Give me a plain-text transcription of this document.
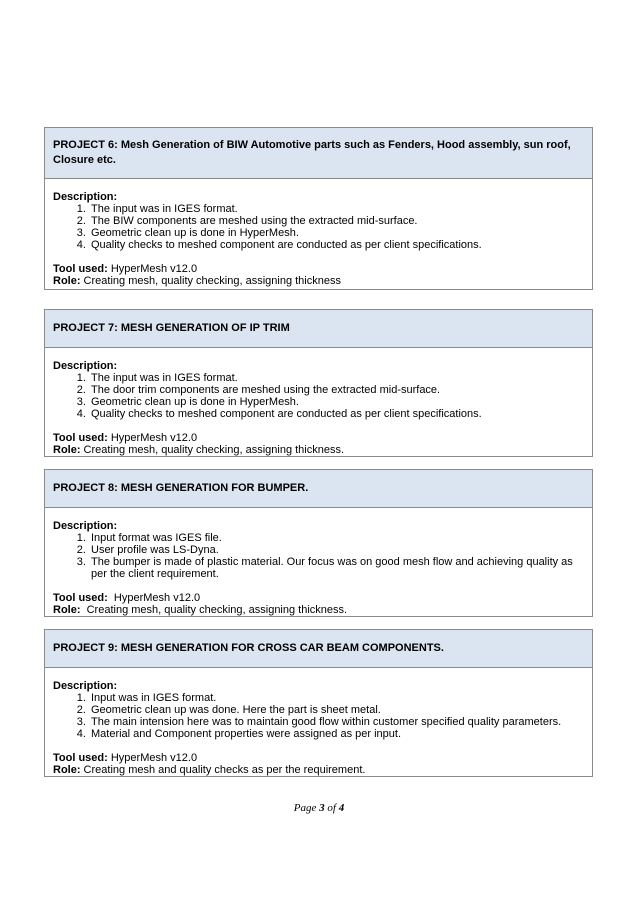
PROJECT 6: Mesh Generation of BIW Automotive parts such as Fenders, Hood assembly, sun roof, Closure etc.

Description:

1. The input was in IGES format.
2. The BIW components are meshed using the extracted mid-surface.
3. Geometric clean up is done in HyperMesh.
4. Quality checks to meshed component are conducted as per client specifications.

Tool used: HyperMesh v12.0

Role: Creating mesh, quality checking, assigning thickness

PROJECT 7: MESH GENERATION OF IP TRIM

Description:

1. The input was in IGES format.
2. The door trim components are meshed using the extracted mid-surface.
3. Geometric clean up is done in HyperMesh.
4. Quality checks to meshed component are conducted as per client specifications.

Tool used: HyperMesh v12.0

Role: Creating mesh, quality checking, assigning thickness.

PROJECT 8: MESH GENERATION FOR BUMPER.

Description:

1. Input format was IGES file.
2. User profile was LS-Dyna.
3. The bumper is made of plastic material. Our focus was on good mesh flow and achieving quality as per the client requirement.

Tool used:  HyperMesh v12.0

Role:  Creating mesh, quality checking, assigning thickness.

PROJECT 9: MESH GENERATION FOR CROSS CAR BEAM COMPONENTS.

Description:

1. Input was in IGES format.
2. Geometric clean up was done. Here the part is sheet metal.
3. The main intension here was to maintain good flow within customer specified quality parameters.
4. Material and Component properties were assigned as per input.

Tool used: HyperMesh v12.0

Role: Creating mesh and quality checks as per the requirement.

Page 3 of 4
